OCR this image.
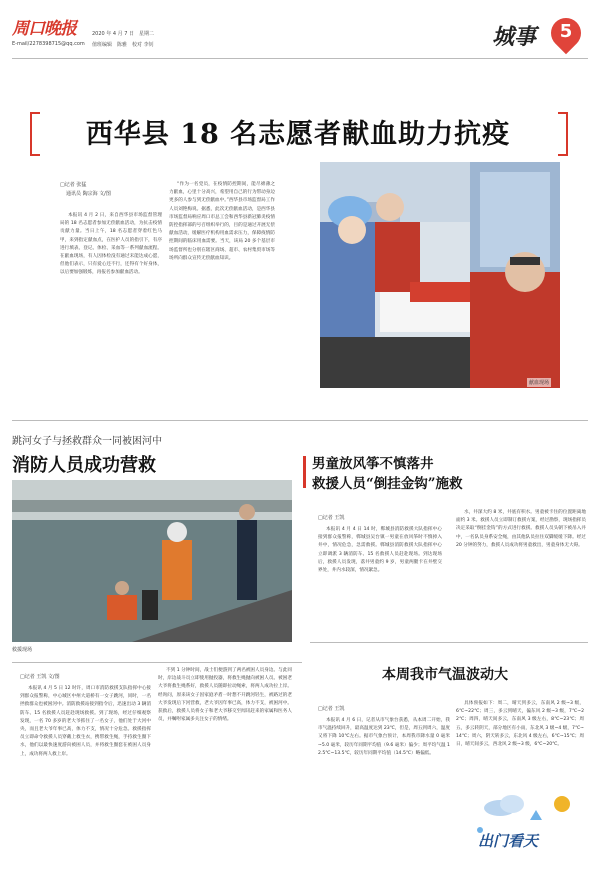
周口晚报
E-mail/2278398715@qq.com
2020 年 4 月 7 日　星期二
值班编辑　陈雅　校对 李钊	城事	5
西华县 18 名志愿者献血助力抗疫
□记者 张猛
通讯员 陶宗海 文/图
本报讯 4 月 2 日，来自西华县市场监督管理局的 18 名志愿者参加无偿献血活动，为抗击疫情贡献力量。当日上午，18 名志愿者穿着红色马甲，来到指定献血点，在医护人员的指引下，有序进行填表、登记、体检、采血等一系列献血流程。在献血现场，有人因体检没有通过未能达成心愿，但他们表示，只有爱心还不行，还得有个好身体，以后要加强锻炼，再报名参加献血活动。
“作为一名党员，在疫情防控期间，能尽绵薄之力献血，心里十分高兴，希望用自己的行为带动身边更多的人参与到无偿献血中。”西华县市场监督局工作人员刘艳梅说。据悉，此次无偿献血活动，是西华县市场监督局响应周口市总工会和西华县新冠肺炎疫情防控指挥部的号召组织举行的，目的是通过开展无偿献血活动，缓解医疗机构用血需求压力，保障疫情防控期间的临床用血需要。当天，该局 20 多个基层市场监督所也分别在辖区商场、超市、农村集贸市场等场所向群众宣传无偿献血知识。
献血现场
跳河女子与拯救群众一同被困河中
消防人员成功营救
救援现场
□记者 王凯 文/图
本报讯 4 月 5 日 12 时许，周口市消防救援支队指挥中心接到群众报警称，中心城区中州大道桥有一女子跳河，同时，一名拯救群众也被困河中。消防救援站接到指令后，迅速出动 3 辆消防车、15 名救援人员赶赴现场救援。到了现场，经过仔细观察发现，一名 70 多岁的老大爷抓住了一名女子，他们处于大河中央，而且老大爷年事已高，体力不支，情况十分危急。救援指挥员立即命令救援人员穿戴上救生衣，携带救生绳，手持救生圈下水，他们以最快速度游向被困人员，并将救生圈套在被困人员身上，成功将两人救上岸。
不到 1 分钟时间，战士们便游到了两名被困人员身边。与此同时，岸边战斗员立即使用抛投器，将救生绳抛向被困人员。被困老大爷将救生绳系好，救援人员随即拉动绳索，将两人成功拉上岸。经询问，原来该女子因家庭矛盾一时想不开跳河轻生，被路过的老大爷发现后下河营救，老大爷因年事已高，体力不支，被困河中。获救后，救援人员将女子和老大爷移交至闻讯赶来的家属和医务人员，并嘱咐家属多关注女子的情绪。
男童放风筝不慎落井
救援人员“倒挂金钩”施救
□记者 王凯
本报讯 4 月 4 日 14 时，郸城县消防救援大队指挥中心接到群众报警称，郸城县吴台镇一男童在放风筝时不慎掉入井中，情况危急，急需救援。郸城县消防救援大队指挥中心立即调派 3 辆消防车、15 名救援人员赶赴现场。到达现场后，救援人员发现，落井男童约 9 岁，男童两腿卡在井壁交界处，井内水较深，情况紧急。
水，井深大约 8 米，井底有积水。男童被卡住的位置距离地面约 3 米。救援人员立即制订救援方案，经过勘察，现场指挥员决定采取“倒挂金钩”的方式进行救援。救援人员头朝下被吊入井中，一名队员身系安全绳，由其他队员拉住双脚缓缓下降。经过 20 分钟的努力，救援人员成功将男童救出，男童身体无大碍。
本周我市气温波动大
□记者 王凯
本报讯 4 月 6 日，记者从市气象台获悉，从本周二开始，我市气温持续回升，最高温度达到 23℃，但是，周五到周六，温度又将下降 10℃左右。据市气象台预计，本周我市降水量 0 毫米~5.0 毫米，较历年同期平均值（9.6 毫米）偏少；周平均气温 12.5℃~13.5℃，较历年同期平均值（14.5℃）略偏低。
具体预报如下：周二，晴天到多云，东南风 2 级~3 级，6℃~22℃；周三，多云到晴天，偏东风 2 级~3 级，7℃~22℃；周四，晴天间多云，东南风 3 级左右，8℃~23℃；周五，多云转阴天，部分地区有小雨，东北风 3 级~4 级，7℃~14℃；周六，阴天转多云，东北风 4 级左右，6℃~15℃；周日，晴天间多云，西北风 2 级~3 级，6℃~20℃。
出门看天
